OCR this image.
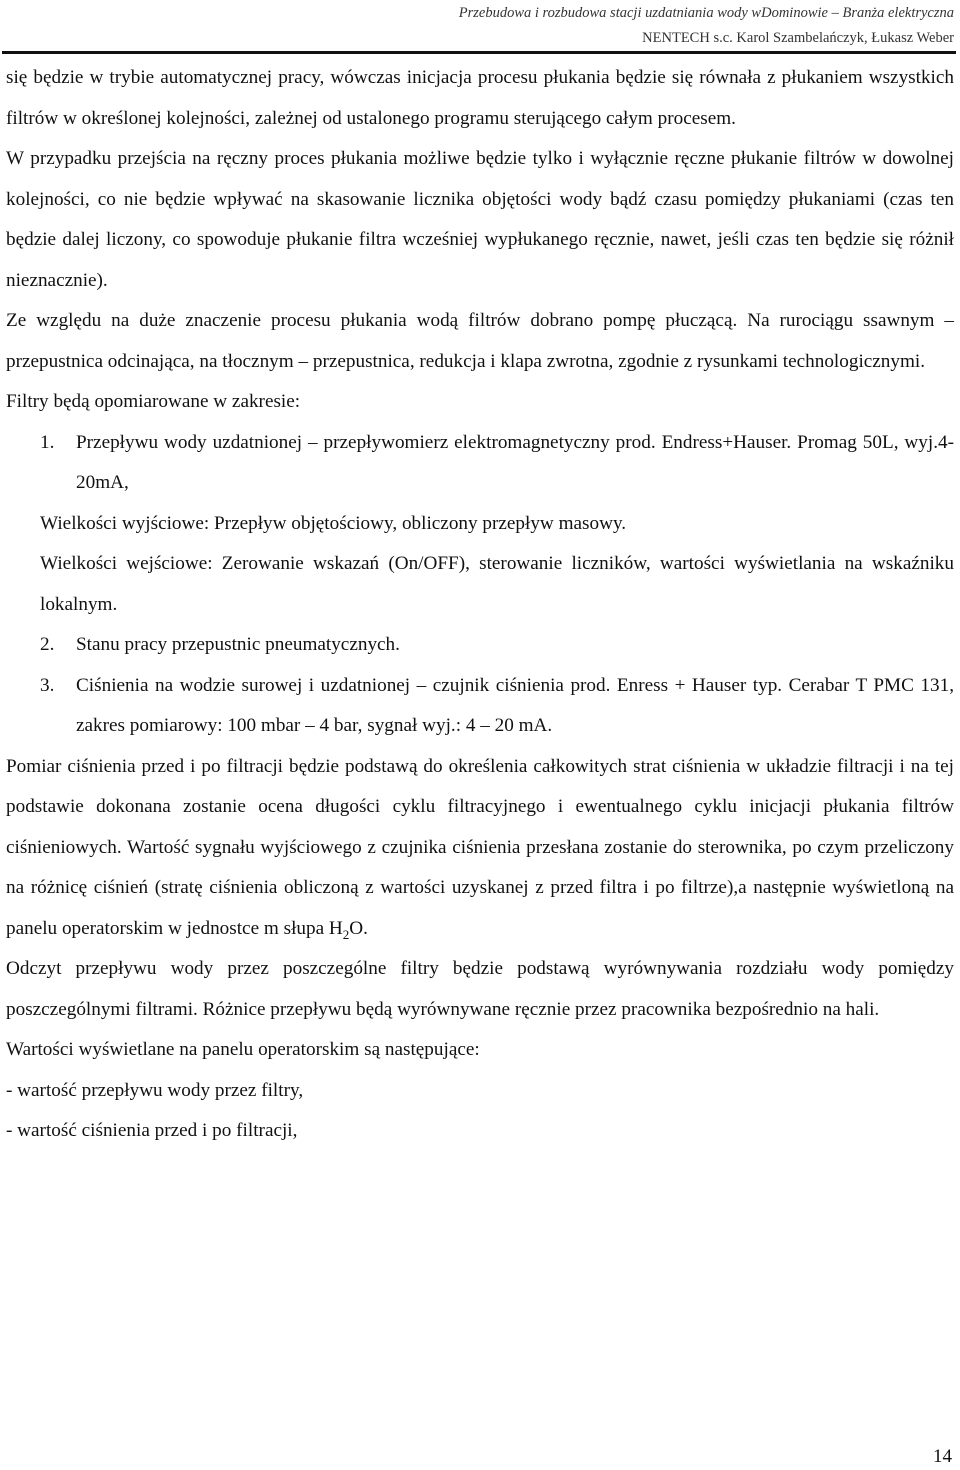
Przebudowa i rozbudowa stacji uzdatniania wody wDominowie – Branża elektryczna
NENTECH s.c. Karol Szambelańczyk, Łukasz Weber

się będzie w trybie automatycznej pracy, wówczas inicjacja procesu płukania będzie się równała z płukaniem wszystkich filtrów w określonej kolejności, zależnej od ustalonego programu sterującego całym procesem.

W przypadku przejścia na ręczny proces płukania możliwe będzie tylko i wyłącznie ręczne płukanie filtrów w dowolnej kolejności, co nie będzie wpływać na skasowanie licznika objętości wody bądź czasu pomiędzy płukaniami (czas ten będzie dalej liczony, co spowoduje płukanie filtra wcześniej wypłukanego ręcznie, nawet, jeśli czas ten będzie się różnił nieznacznie).

Ze względu na duże znaczenie procesu płukania wodą filtrów dobrano pompę płuczącą. Na rurociągu ssawnym – przepustnica odcinająca, na tłocznym – przepustnica, redukcja i klapa zwrotna, zgodnie z rysunkami technologicznymi.

Filtry będą opomiarowane w zakresie:

1. Przepływu wody uzdatnionej – przepływomierz elektromagnetyczny prod. Endress+Hauser. Promag 50L, wyj.4-20mA,

Wielkości wyjściowe: Przepływ objętościowy, obliczony przepływ masowy.

Wielkości wejściowe: Zerowanie wskazań (On/OFF), sterowanie liczników, wartości wyświetlania na wskaźniku lokalnym.

2. Stanu pracy przepustnic pneumatycznych.
3. Ciśnienia na wodzie surowej i uzdatnionej – czujnik ciśnienia prod. Enress + Hauser typ. Cerabar T PMC 131, zakres pomiarowy: 100 mbar – 4 bar, sygnał wyj.: 4 – 20 mA.

Pomiar ciśnienia przed i po filtracji będzie podstawą do określenia całkowitych strat ciśnienia w układzie filtracji i na tej podstawie dokonana zostanie ocena długości cyklu filtracyjnego i ewentualnego cyklu inicjacji płukania filtrów ciśnieniowych. Wartość sygnału wyjściowego z czujnika ciśnienia przesłana zostanie do sterownika, po czym przeliczony na różnicę ciśnień (stratę ciśnienia obliczoną z wartości uzyskanej z przed filtra i po filtrze),a następnie wyświetloną na panelu operatorskim w jednostce m słupa $H_2O$.

Odczyt przepływu wody przez poszczególne filtry będzie podstawą wyrównywania rozdziału wody pomiędzy poszczególnymi filtrami. Różnice przepływu będą wyrównywane ręcznie przez pracownika bezpośrednio na hali.

Wartości wyświetlane na panelu operatorskim są następujące:

- wartość przepływu wody przez filtry,

- wartość ciśnienia przed i po filtracji,

14
